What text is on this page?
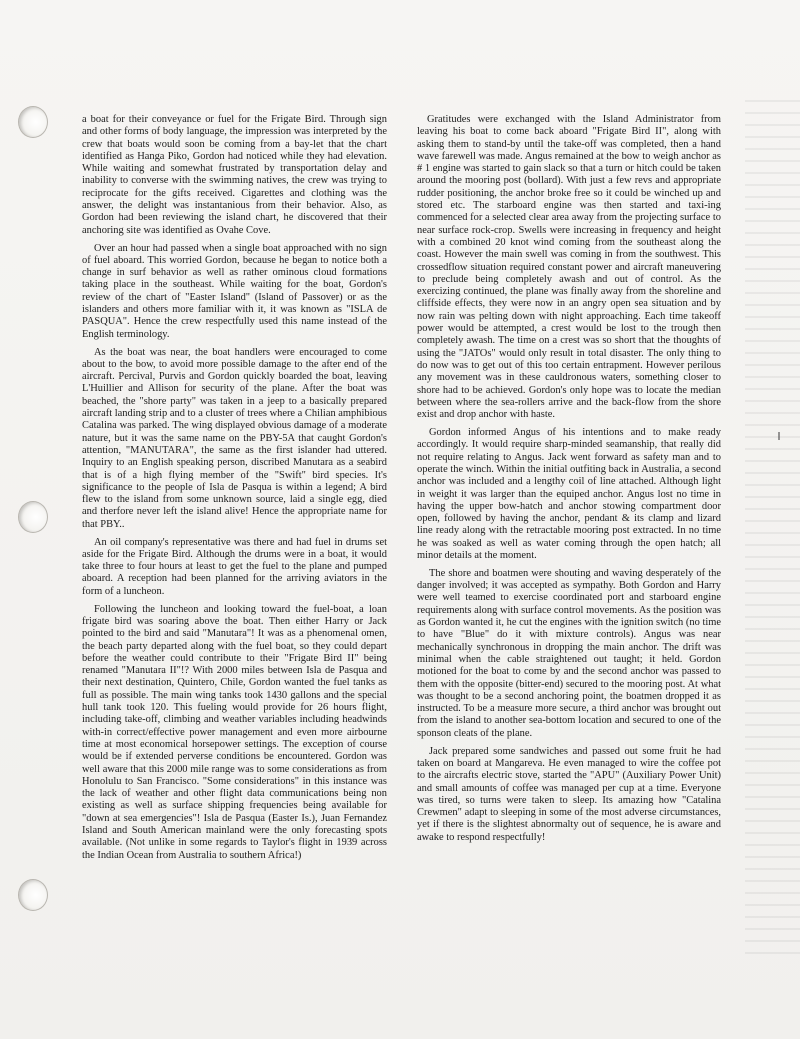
a boat for their conveyance or fuel for the Frigate Bird. Through sign and other forms of body language, the impression was interpreted by the crew that boats would soon be coming from a bay-let that the chart identified as Hanga Piko, Gordon had noticed while they had elevation. While waiting and somewhat frustrated by transportation delay and inability to converse with the swimming natives, the crew was trying to reciprocate for the gifts received. Cigarettes and clothing was the answer, the delight was instantanious from their behavior. Also, as Gordon had been reviewing the island chart, he discovered that their anchoring site was identified as Ovahe Cove.

Over an hour had passed when a single boat approached with no sign of fuel aboard. This worried Gordon, because he began to notice both a change in surf behavior as well as rather ominous cloud formations taking place in the southeast. While waiting for the boat, Gordon's review of the chart of "Easter Island" (Island of Passover) or as the islanders and others more familiar with it, it was known as "ISLA de PASQUA". Hence the crew respectfully used this name instead of the English terminology.

As the boat was near, the boat handlers were encouraged to come about to the bow, to avoid more possible damage to the after end of the aircraft. Percival, Purvis and Gordon quickly boarded the boat, leaving L'Huillier and Allison for security of the plane. After the boat was beached, the "shore party" was taken in a jeep to a basically prepared aircraft landing strip and to a cluster of trees where a Chilian amphibious Catalina was parked. The wing displayed obvious damage of a moderate nature, but it was the same name on the PBY-5A that caught Gordon's attention, "MANUTARA", the same as the first islander had uttered. Inquiry to an English speaking person, discribed Manutara as a seabird that is of a high flying member of the "Swift" bird species. It's significance to the people of Isla de Pasqua is within a legend; A bird flew to the island from some unknown source, laid a single egg, died and therfore never left the island alive! Hence the appropriate name for that PBY..

An oil company's representative was there and had fuel in drums set aside for the Frigate Bird. Although the drums were in a boat, it would take three to four hours at least to get the fuel to the plane and pumped aboard. A reception had been planned for the arriving aviators in the form of a luncheon.

Following the luncheon and looking toward the fuel-boat, a loan frigate bird was soaring above the boat. Then either Harry or Jack pointed to the bird and said "Manutara"! It was as a phenomenal omen, the beach party departed along with the fuel boat, so they could depart before the weather could contribute to their "Frigate Bird II" being renamed "Manutara II"!? With 2000 miles between Isla de Pasqua and their next destination, Quintero, Chile, Gordon wanted the fuel tanks as full as possible. The main wing tanks took 1430 gallons and the special hull tank took 120. This fueling would provide for 26 hours flight, including take-off, climbing and weather variables including headwinds with-in correct/effective power management and even more airbourne time at most economical horsepower settings. The exception of course would be if extended perverse conditions be encountered. Gordon was well aware that this 2000 mile range was to some considerations as from Honolulu to San Francisco. "Some considerations" in this instance was the lack of weather and other flight data communications being non existing as well as surface shipping frequencies being available for "down at sea emergencies"! Isla de Pasqua (Easter Is.), Juan Fernandez Island and South American mainland were the only forecasting spots available. (Not unlike in some regards to Taylor's flight in 1939 across the Indian Ocean from Australia to southern Africa!)

Gratitudes were exchanged with the Island Administrator from leaving his boat to come back aboard "Frigate Bird II", along with asking them to stand-by until the take-off was completed, then a hand wave farewell was made. Angus remained at the bow to weigh anchor as # 1 engine was started to gain slack so that a turn or hitch could be taken around the mooring post (bollard). With just a few revs and appropriate rudder positioning, the anchor broke free so it could be winched up and stored etc. The starboard engine was then started and taxi-ing commenced for a selected clear area away from the projecting surface to near surface rock-crop. Swells were increasing in frequency and height with a combined 20 knot wind coming from the southeast along the coast. However the main swell was coming in from the southwest. This crossedflow situation required constant power and aircraft maneuvering to preclude being completely awash and out of control. As the exercizing continued, the plane was finally away from the shoreline and cliffside effects, they were now in an angry open sea situation and by now rain was pelting down with night approaching. Each time takeoff power would be attempted, a crest would be lost to the trough then completely awash. The time on a crest was so short that the thoughts of using the "JATOs" would only result in total disaster. The only thing to do now was to get out of this too certain entrapment. However perilous any movement was in these cauldronous waters, something closer to shore had to be achieved. Gordon's only hope was to locate the median between where the sea-rollers arrive and the back-flow from the shore exist and drop anchor with haste.

Gordon informed Angus of his intentions and to make ready accordingly. It would require sharp-minded seamanship, that really did not require relating to Angus. Jack went forward as safety man and to operate the winch. Within the initial outfiting back in Australia, a second anchor was included and a lengthy coil of line attached. Although light in weight it was larger than the equiped anchor. Angus lost no time in having the upper bow-hatch and anchor stowing compartment door open, followed by having the anchor, pendant & its clamp and lizard line ready along with the retractable mooring post extracted. In no time he was soaked as well as water coming through the open hatch; all minor details at the moment.

The shore and boatmen were shouting and waving desperately of the danger involved; it was accepted as sympathy. Both Gordon and Harry were well teamed to exercise coordinated port and starboard engine requirements along with surface control movements. As the position was as Gordon wanted it, he cut the engines with the ignition switch (no time to have "Blue" do it with mixture controls). Angus was near mechanically synchronous in dropping the main anchor. The drift was minimal when the cable straightened out taught; it held. Gordon motioned for the boat to come by and the second anchor was passed to them with the opposite (bitter-end) secured to the mooring post. At what was thought to be a second anchoring point, the boatmen dropped it as instructed. To be a measure more secure, a third anchor was brought out from the island to another sea-bottom location and secured to one of the sponson cleats of the plane.

Jack prepared some sandwiches and passed out some fruit he had taken on board at Mangareva. He even managed to wire the coffee pot to the aircrafts electric stove, started the "APU" (Auxiliary Power Unit) and small amounts of coffee was managed per cup at a time. Everyone was tired, so turns were taken to sleep. Its amazing how "Catalina Crewmen" adapt to sleeping in some of the most adverse circumstances, yet if there is the slightest abnormalty out of sequence, he is aware and awake to respond respectfully!
